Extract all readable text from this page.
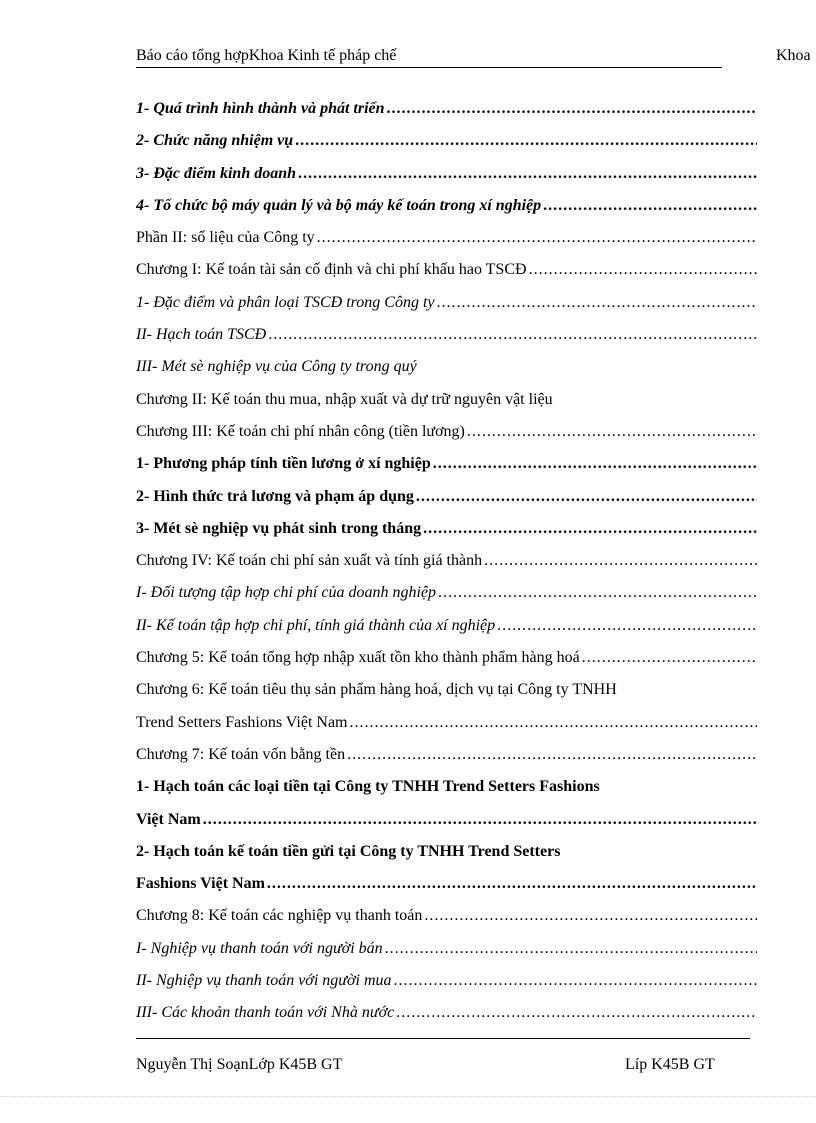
Báo cáo tổng hợpKhoa Kinh tế pháp chế	Khoa
1- Quá trình hình thành và phát triển
.....
2- Chức năng nhiệm vụ
.....
3- Đặc điểm kinh doanh
.....
4- Tổ chức bộ máy quản lý và bộ máy kế toán trong xí nghiệp
.....
Phần II: số liệu của Công ty
.....
Chương I: Kế toán tài sản cố định và chi phí khấu hao TSCĐ
.....
1- Đặc điểm và phân loại TSCĐ trong Công ty
.....
II- Hạch toán TSCĐ
.....
III- Mét sè nghiệp vụ của Công ty trong quý
Chương II: Kế toán thu mua, nhập xuất và dự trữ nguyên vật liệu
Chương III: Kế toán chi phí nhân công (tiền lương)
.....
1- Phương pháp tính tiền lương ở xí nghiệp
.....
2- Hình thức trả lương và phạm áp dụng
.....
3- Mét sè nghiệp vụ phát sinh trong tháng
.....
Chương IV: Kế toán chi phí sản xuất và tính giá thành
.....
I- Đối tượng tập hợp chi phí của doanh nghiệp
.....
II- Kế toán tập hợp chi phí, tính giá thành của xí nghiệp
.....
Chương 5: Kế toán tổng hợp nhập xuất tồn kho thành phẩm hàng hoá
.....
Chương 6: Kế toán tiêu thụ sản phẩm hàng hoá, dịch vụ tại Công ty TNHH
Trend Setters Fashions Việt Nam
.....
Chương 7: Kế toán vốn bằng tền
.....
1- Hạch toán các loại tiền tại Công ty TNHH Trend Setters Fashions
Việt Nam
.....
2- Hạch toán kế toán tiền gửi tại Công ty TNHH Trend Setters
Fashions Việt Nam
.....
Chương 8: Kế toán các nghiệp vụ thanh toán
.....
I- Nghiệp vụ thanh toán với người bán
.....
II- Nghiệp vụ thanh toán với người mua
.....
III- Các khoản thanh toán với Nhà nước
.....
Nguyễn Thị SoạnLớp K45B GT	Líp K45B GT
